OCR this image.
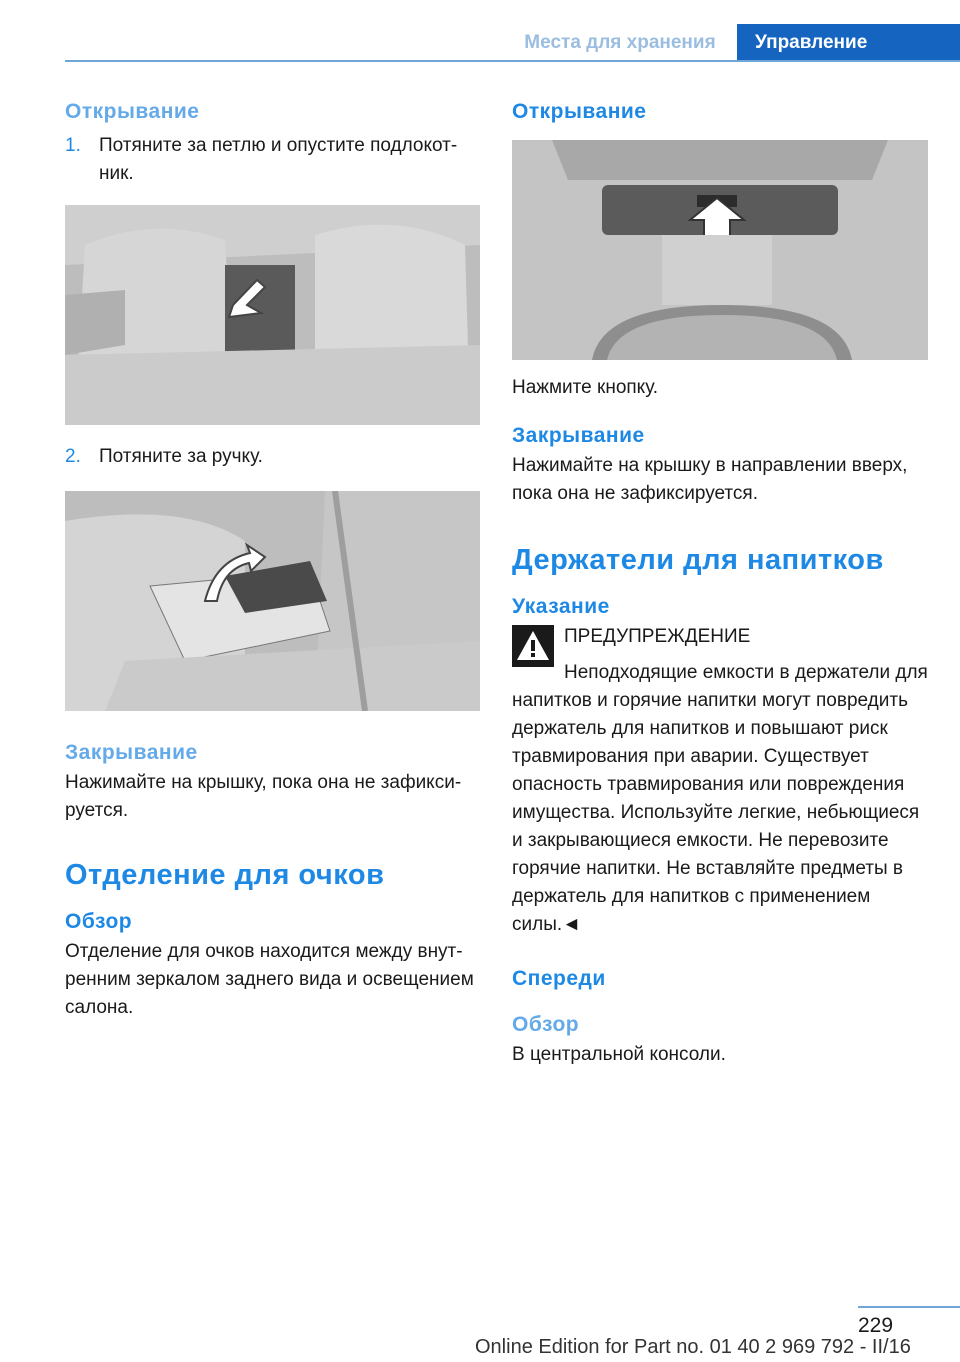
Места для хранения	Управление
Открывание
1. Потяните за петлю и опустите подлокотник.
2. Потяните за ручку.
Закрывание

Нажимайте на крышку, пока она не зафиксируется.

Отделение для очков
Обзор

Отделение для очков находится между внутренним зеркалом заднего вида и освещением салона.

Открывание

Нажмите кнопку.

Закрывание

Нажимайте на крышку в направлении вверх, пока она не зафиксируется.

Держатели для напитков
Указание
ПРЕДУПРЕЖДЕНИЕ

Неподходящие емкости в держатели для напитков и горячие напитки могут повредить держатель для напитков и повышают риск травмирования при аварии. Существует опасность травмирования или повреждения имущества. Используйте легкие, небьющиеся и закрывающиеся емкости. Не перевозите горячие напитки. Не вставляйте предметы в держатель для напитков с применением силы.◄

Спереди
Обзор

В центральной консоли.

229
Online Edition for Part no. 01 40 2 969 792 - II/16
